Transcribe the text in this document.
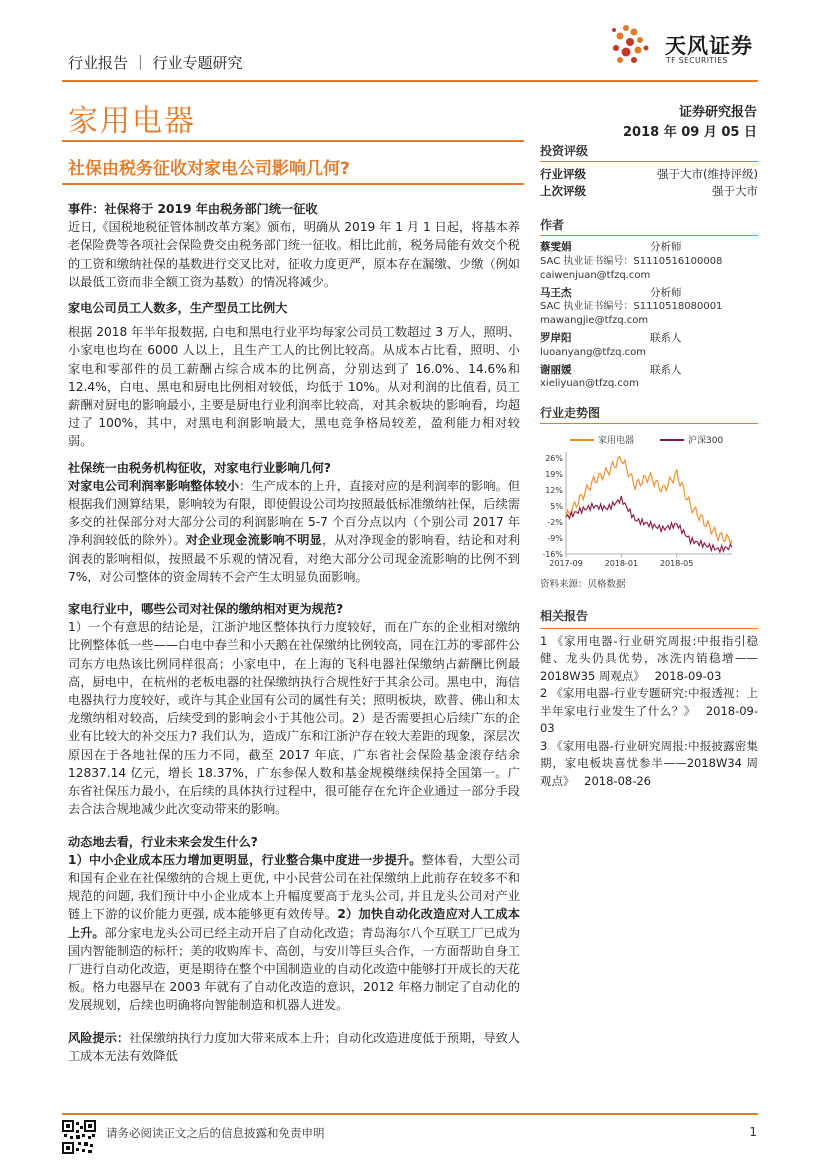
行业报告 ｜ 行业专题研究
天风证券
TF SECURITIES
家用电器	证券研究报告
2018 年 09 月 05 日
社保由税务征收对家电公司影响几何?

事件：社保将于 2019 年由税务部门统一征收

近日,《国税地税征管体制改革方案》颁布，明确从 2019 年 1 月 1 日起，将基本养老保险费等各项社会保险费交由税务部门统一征收。相比此前，税务局能有效交个税的工资和缴纳社保的基数进行交叉比对，征收力度更严，原本存在漏缴、少缴（例如以最低工资而非全额工资为基数）的情况将减少。

家电公司员工人数多，生产型员工比例大

根据 2018 年半年报数据, 白电和黑电行业平均每家公司员工数超过 3 万人，照明、小家电也均在 6000 人以上，且生产工人的比例比较高。从成本占比看，照明、小家电和零部件的员工薪酬占综合成本的比例高，分别达到了 16.0%、14.6%和 12.4%，白电、黑电和厨电比例相对较低，均低于 10%。从对利润的比值看, 员工薪酬对厨电的影响最小, 主要是厨电行业利润率比较高，对其余板块的影响看，均超过了 100%，其中，对黑电利润影响最大，黑电竞争格局较差，盈利能力相对较弱。

社保统一由税务机构征收，对家电行业影响几何?

对家电公司利润率影响整体较小：生产成本的上升，直接对应的是利润率的影响。但根据我们测算结果，影响较为有限，即使假设公司均按照最低标准缴纳社保，后续需多交的社保部分对大部分公司的利润影响在 5-7 个百分点以内（个别公司 2017 年净利润较低的除外）。对企业现金流影响不明显，从对净现金的影响看，结论和对利润表的影响相似，按照最不乐观的情况看，对绝大部分公司现金流影响的比例不到 7%，对公司整体的资金周转不会产生太明显负面影响。

家电行业中，哪些公司对社保的缴纳相对更为规范?

1）一个有意思的结论是，江浙沪地区整体执行力度较好，而在广东的企业相对缴纳比例整体低一些——白电中春兰和小天鹅在社保缴纳比例较高，同在江苏的零部件公司东方电热该比例同样很高；小家电中，在上海的飞科电器社保缴纳占薪酬比例最高，厨电中，在杭州的老板电器的社保缴纳执行合规性好于其余公司。黑电中，海信电器执行力度较好，或许与其企业国有公司的属性有关；照明板块，欧普、佛山和太龙缴纳相对较高，后续受到的影响会小于其他公司。2）是否需要担心后续广东的企业有比较大的补交压力? 我们认为，造成广东和江浙沪存在较大差距的现象，深层次原因在于各地社保的压力不同，截至 2017 年底，广东省社会保险基金滚存结余 12837.14 亿元，增长 18.37%，广东参保人数和基金规模继续保持全国第一。广东省社保压力最小，在后续的具体执行过程中，很可能存在允许企业通过一部分手段去合法合规地减少此次变动带来的影响。

动态地去看，行业未来会发生什么?

1）中小企业成本压力增加更明显，行业整合集中度进一步提升。整体看，大型公司和国有企业在社保缴纳的合规上更优, 中小民营公司在社保缴纳上此前存在较多不和规范的问题, 我们预计中小企业成本上升幅度要高于龙头公司, 并且龙头公司对产业链上下游的议价能力更强, 成本能够更有效传导。2）加快自动化改造应对人工成本上升。部分家电龙头公司已经主动开启了自动化改造；青岛海尔八个互联工厂已成为国内智能制造的标杆；美的收购库卡、高创，与安川等巨头合作，一方面帮助自身工厂进行自动化改造，更是期待在整个中国制造业的自动化改造中能够打开成长的天花板。格力电器早在 2003 年就有了自动化改造的意识，2012 年格力制定了自动化的发展规划，后续也明确将向智能制造和机器人进发。

风险提示：社保缴纳执行力度加大带来成本上升；自动化改造进度低于预期，导致人工成本无法有效降低

投资评级
行业评级	强于大市(维持评级)
上次评级	强于大市
作者
蔡雯娟	分析师
SAC 执业证书编号：S1110516100008
caiwenjuan@tfzq.com
马王杰	分析师
SAC 执业证书编号：S1110518080001
mawangjie@tfzq.com
罗岸阳	联系人
luoanyang@tfzq.com
谢丽媛	联系人
xieliyuan@tfzq.com
行业走势图
家用电器	沪深300
26%
19%
12%
5%
-2%
-9%
-16%
2017-09	2018-01	2018-05
资料来源：贝格数据
相关报告
1 《家用电器-行业研究周报:中报指引稳健、龙头仍具优势，冰洗内销稳增——2018W35 周观点》 2018-09-03
2 《家用电器-行业专题研究:中报透视：上半年家电行业发生了什么？》 2018-09-03
3 《家用电器-行业研究周报:中报披露密集期，家电板块喜忧参半——2018W34 周观点》 2018-08-26
请务必阅读正文之后的信息披露和免责申明	1
